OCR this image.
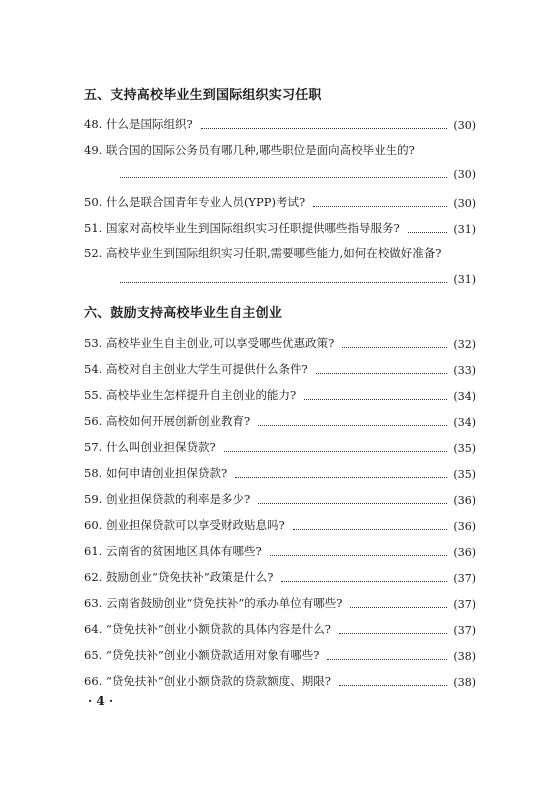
五、支持高校毕业生到国际组织实习任职
48. 什么是国际组织?	(30)
49. 联合国的国际公务员有哪几种,哪些职位是面向高校毕业生的?
(30)
50. 什么是联合国青年专业人员(YPP)考试?	(30)
51. 国家对高校毕业生到国际组织实习任职提供哪些指导服务?	(31)
52. 高校毕业生到国际组织实习任职,需要哪些能力,如何在校做好准备?
(31)
六、鼓励支持高校毕业生自主创业
53. 高校毕业生自主创业,可以享受哪些优惠政策?	(32)
54. 高校对自主创业大学生可提供什么条件?	(33)
55. 高校毕业生怎样提升自主创业的能力?	(34)
56. 高校如何开展创新创业教育?	(34)
57. 什么叫创业担保贷款?	(35)
58. 如何申请创业担保贷款?	(35)
59. 创业担保贷款的利率是多少?	(36)
60. 创业担保贷款可以享受财政贴息吗?	(36)
61. 云南省的贫困地区具体有哪些?	(36)
62. 鼓励创业“贷免扶补”政策是什么?	(37)
63. 云南省鼓励创业“贷免扶补”的承办单位有哪些?	(37)
64. “贷免扶补”创业小额贷款的具体内容是什么?	(37)
65. “贷免扶补”创业小额贷款适用对象有哪些?	(38)
66. “贷免扶补”创业小额贷款的贷款额度、期限?	(38)
· 4 ·
